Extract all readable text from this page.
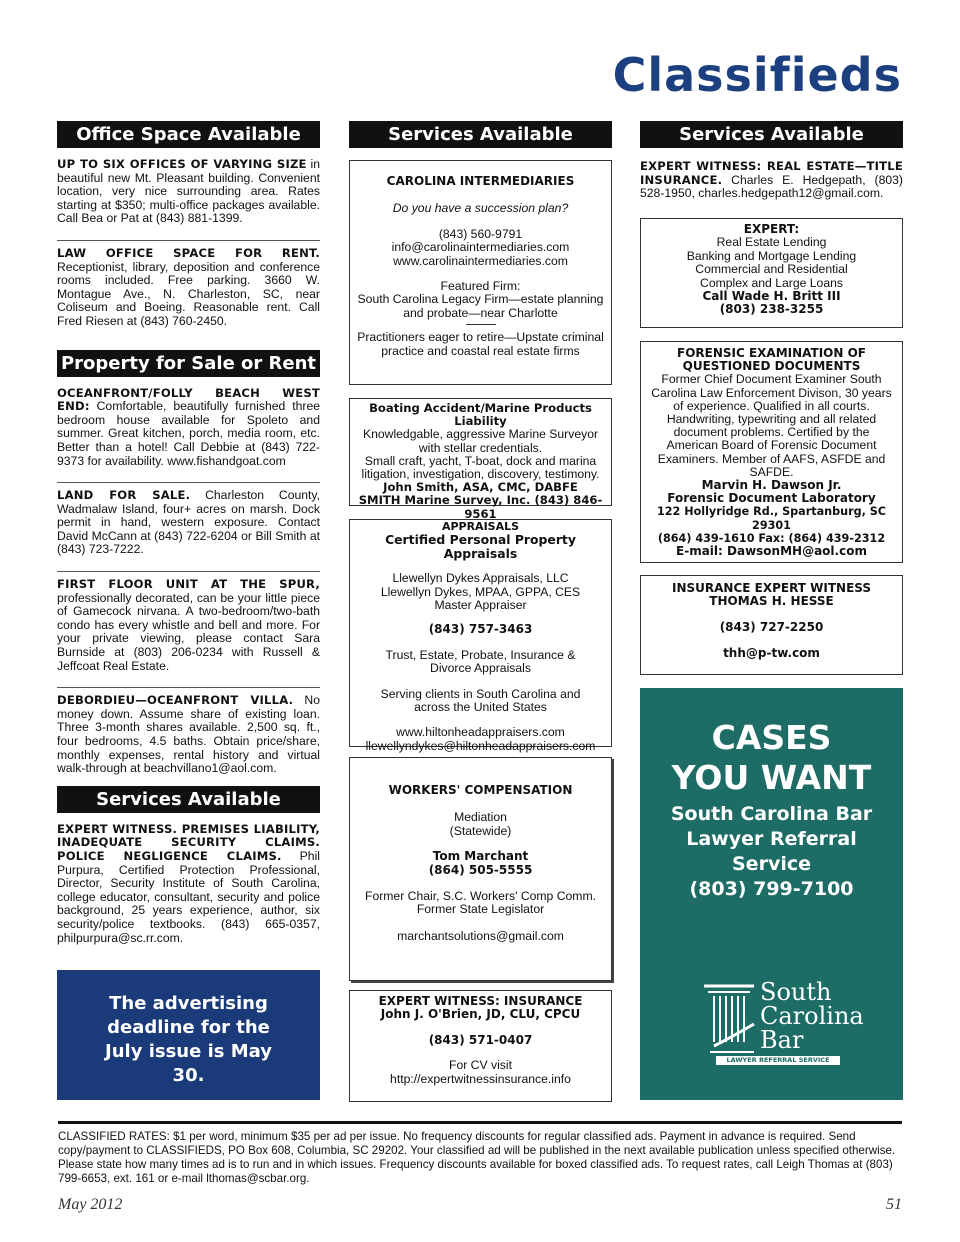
Classifieds
Office Space Available
UP TO SIX OFFICES OF VARYING SIZE in beautiful new Mt. Pleasant building. Convenient location, very nice surrounding area. Rates starting at $350; multi-office packages available. Call Bea or Pat at (843) 881-1399.
LAW OFFICE SPACE FOR RENT. Receptionist, library, deposition and conference rooms included. Free parking. 3660 W. Montague Ave., N. Charleston, SC, near Coliseum and Boeing. Reasonable rent. Call Fred Riesen at (843) 760-2450.
Property for Sale or Rent
OCEANFRONT/FOLLY BEACH WEST END: Comfortable, beautifully furnished three bedroom house available for Spoleto and summer. Great kitchen, porch, media room, etc. Better than a hotel! Call Debbie at (843) 722-9373 for availability. www.fishandgoat.com
LAND FOR SALE. Charleston County, Wadmalaw Island, four+ acres on marsh. Dock permit in hand, western exposure. Contact David McCann at (843) 722-6204 or Bill Smith at (843) 723-7222.
FIRST FLOOR UNIT AT THE SPUR, professionally decorated, can be your little piece of Gamecock nirvana. A two-bedroom/two-bath condo has every whistle and bell and more. For your private viewing, please contact Sara Burnside at (803) 206-0234 with Russell & Jeffcoat Real Estate.
DEBORDIEU—OCEANFRONT VILLA. No money down. Assume share of existing loan. Three 3-month shares available. 2,500 sq. ft., four bedrooms, 4.5 baths. Obtain price/share, monthly expenses, rental history and virtual walk-through at beachvillano1@aol.com.
Services Available
EXPERT WITNESS. PREMISES LIABILITY, INADEQUATE SECURITY CLAIMS. POLICE NEGLIGENCE CLAIMS. Phil Purpura, Certified Protection Professional, Director, Security Institute of South Carolina, college educator, consultant, security and police background, 25 years experience, author, six security/police textbooks. (843) 665-0357, philpurpura@sc.rr.com.
The advertising deadline for the July issue is May 30.
Services Available
CAROLINA INTERMEDIARIES
Do you have a succession plan?
(843) 560-9791
info@carolinaintermediaries.com
www.carolinaintermediaries.com
Featured Firm:
South Carolina Legacy Firm—estate planning and probate—near Charlotte
Practitioners eager to retire—Upstate criminal practice and coastal real estate firms
Boating Accident/Marine Products Liability
Knowledgable, aggressive Marine Surveyor with stellar credentials.
Small craft, yacht, T-boat, dock and marina litigation, investigation, discovery, testimony.
John Smith, ASA, CMC, DABFE
SMITH Marine Survey, Inc. (843) 846-9561
APPRAISALS
Certified Personal Property Appraisals
Llewellyn Dykes Appraisals, LLC
Llewellyn Dykes, MPAA, GPPA, CES
Master Appraiser
(843) 757-3463
Trust, Estate, Probate, Insurance & Divorce Appraisals
Serving clients in South Carolina and across the United States
www.hiltonheadappraisers.com
llewellyndykes@hiltonheadappraisers.com
WORKERS' COMPENSATION
Mediation
(Statewide)
Tom Marchant
(864) 505-5555
Former Chair, S.C. Workers' Comp Comm.
Former State Legislator
marchantsolutions@gmail.com
EXPERT WITNESS: INSURANCE
John J. O'Brien, JD, CLU, CPCU
(843) 571-0407
For CV visit
http://expertwitnessinsurance.info
Services Available
EXPERT WITNESS: REAL ESTATE—TITLE INSURANCE. Charles E. Hedgepath, (803) 528-1950, charles.hedgepath12@gmail.com.
EXPERT:
Real Estate Lending
Banking and Mortgage Lending
Commercial and Residential
Complex and Large Loans
Call Wade H. Britt III
(803) 238-3255
FORENSIC EXAMINATION OF
QUESTIONED DOCUMENTS
Former Chief Document Examiner South Carolina Law Enforcement Divison, 30 years of experience. Qualified in all courts. Handwriting, typewriting and all related document problems. Certified by the American Board of Forensic Document Examiners. Member of AAFS, ASFDE and SAFDE.
Marvin H. Dawson Jr.
Forensic Document Laboratory
122 Hollyridge Rd., Spartanburg, SC 29301
(864) 439-1610 Fax: (864) 439-2312
E-mail: DawsonMH@aol.com
INSURANCE EXPERT WITNESS
THOMAS H. HESSE
(843) 727-2250
thh@p-tw.com
CASES YOU WANT
South Carolina Bar
Lawyer Referral
Service
(803) 799-7100
South
Carolina
Bar
LAWYER REFERRAL SERVICE
CLASSIFIED RATES: $1 per word, minimum $35 per ad per issue. No frequency discounts for regular classified ads. Payment in advance is required. Send copy/payment to CLASSIFIEDS, PO Box 608, Columbia, SC 29202. Your classified ad will be published in the next available publication unless specified otherwise. Please state how many times ad is to run and in which issues. Frequency discounts available for boxed classified ads. To request rates, call Leigh Thomas at (803) 799-6653, ext. 161 or e-mail lthomas@scbar.org.
May 2012	51
